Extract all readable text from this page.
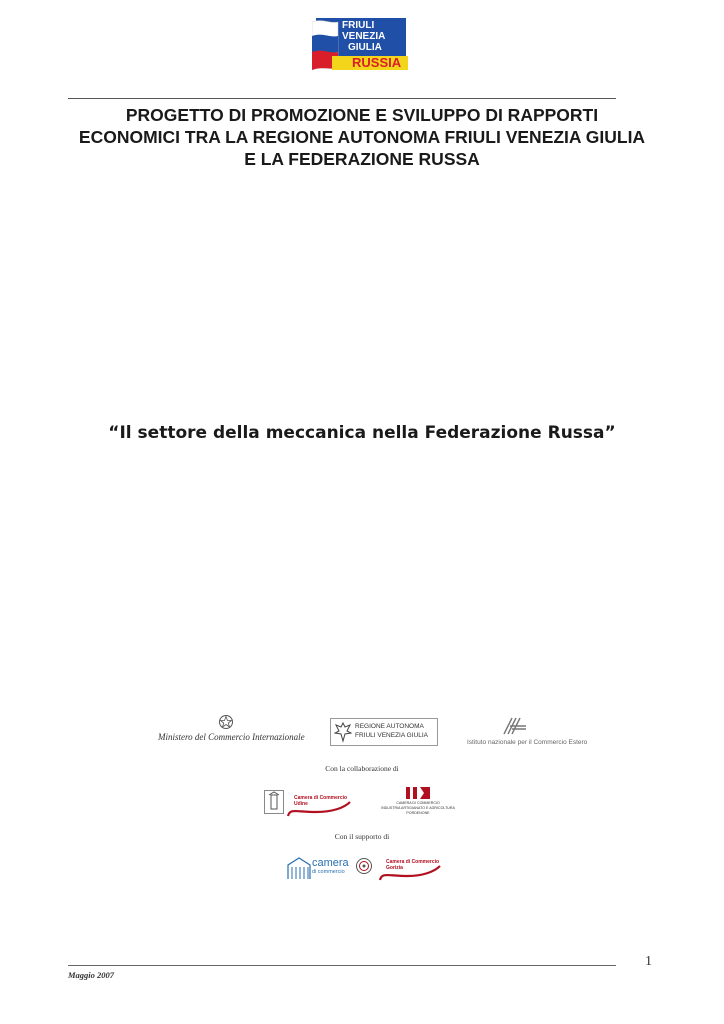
FRIULI
VENEZIA
GIULIA
RUSSIA
PROGETTO DI PROMOZIONE E SVILUPPO DI RAPPORTI
ECONOMICI TRA LA REGIONE AUTONOMA FRIULI VENEZIA GIULIA
E LA FEDERAZIONE RUSSA
“Il settore della meccanica nella Federazione Russa”
Ministero del Commercio Internazionale
REGIONE AUTONOMA
FRIULI VENEZIA GIULIA
Istituto nazionale per il Commercio Estero
Con la collaborazione di
Camera di Commercio
Udine	CAMERA DI COMMERCIO
INDUSTRIA ARTIGIANATO E AGRICOLTURA
PORDENONE
Con il supporto di
camera
di commercio
Camera di Commercio
Gorizia
1
Maggio 2007
